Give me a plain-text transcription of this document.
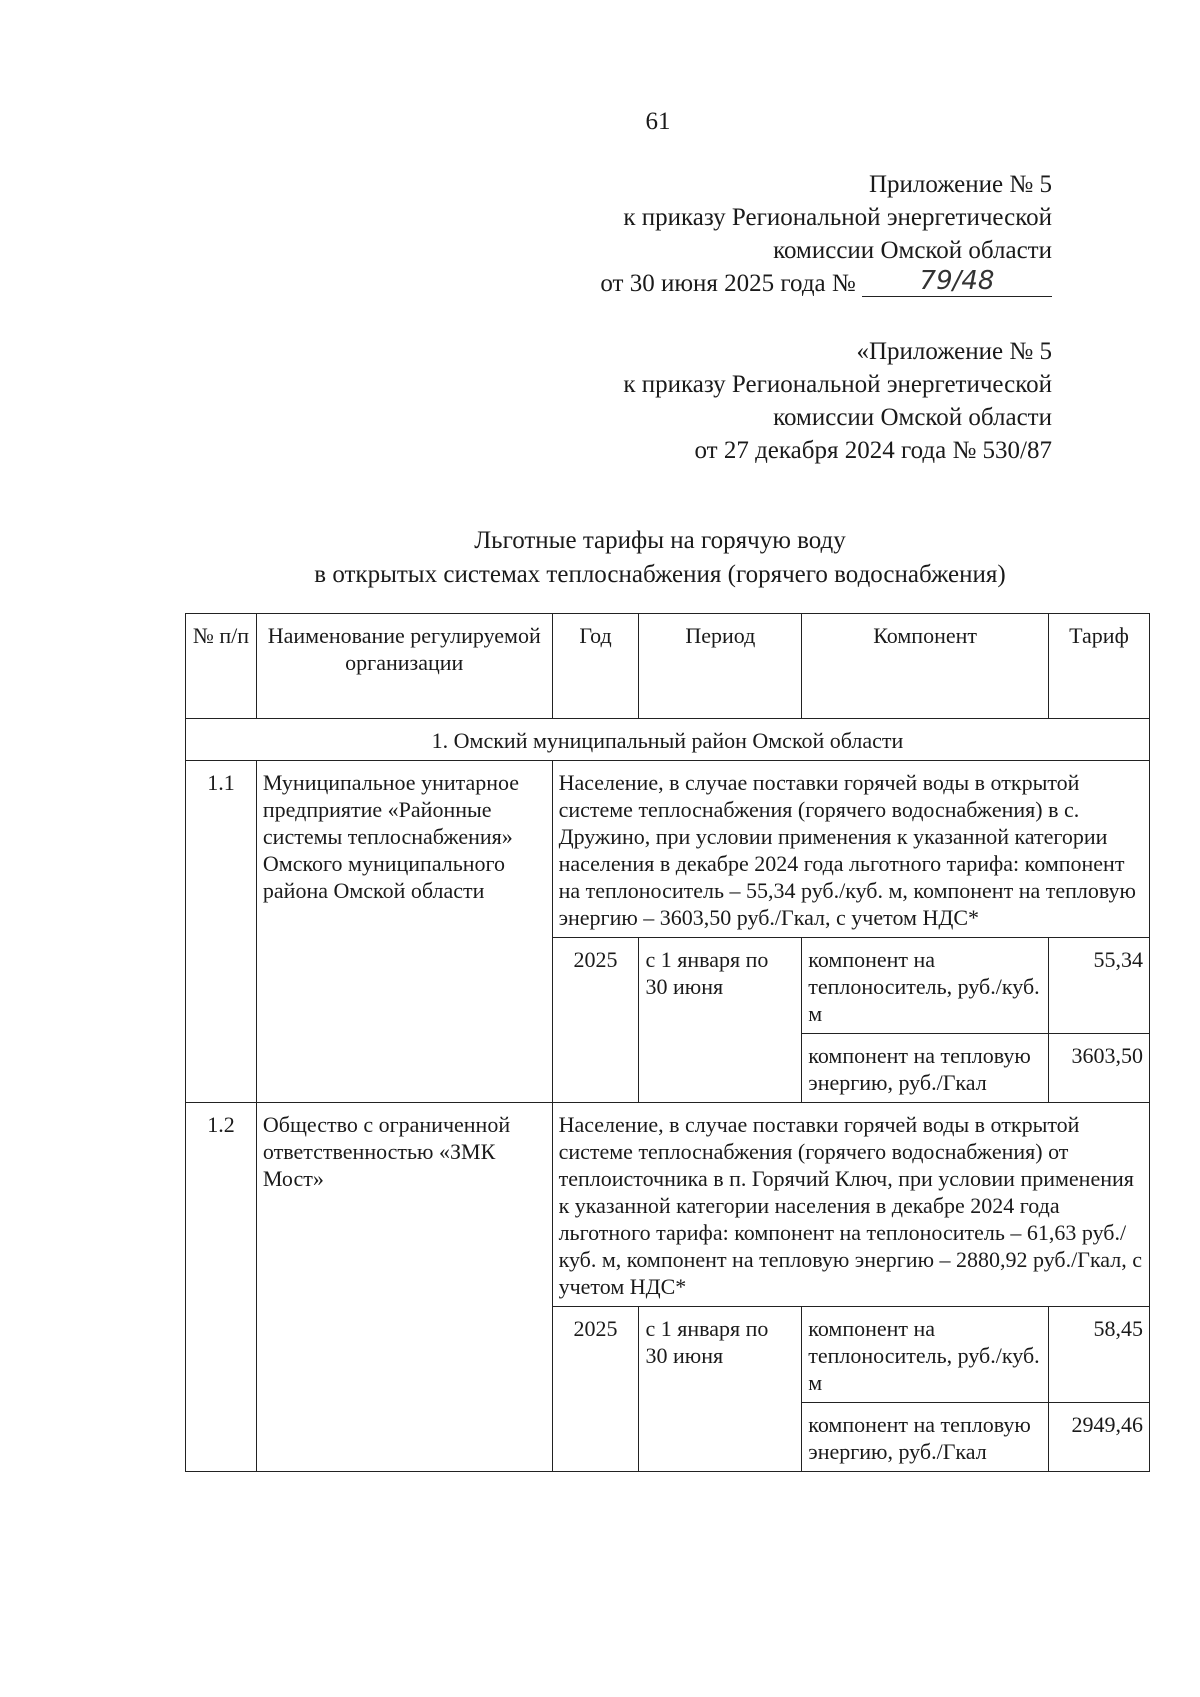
61
Приложение № 5
к приказу Региональной энергетической
комиссии Омской области
от 30 июня 2025 года № 79/48
«Приложение № 5
к приказу Региональной энергетической
комиссии Омской области
от 27 декабря 2024 года № 530/87
Льготные тарифы на горячую воду
в открытых системах теплоснабжения (горячего водоснабжения)
№ п/п	Наименование регулируемой организации	Год	Период	Компонент	Тариф
1. Омский муниципальный район Омской области					
1.1	Муниципальное унитарное предприятие «Районные системы теплоснабжения» Омского муниципального района Омской области	Население, в случае поставки горячей воды в открытой системе теплоснабжения (горячего водоснабжения) в с. Дружино, при условии применения к указанной категории населения в декабре 2024 года льготного тарифа: компонент на теплоноситель – 55,34 руб./куб. м, компонент на тепловую энергию – 3603,50 руб./Гкал, с учетом НДС*			
		2025	с 1 января по 30 июня	компонент на теплоноситель, руб./куб. м	55,34
				компонент на тепловую энергию, руб./Гкал	3603,50
1.2	Общество с ограниченной ответственностью «ЗМК Мост»	Население, в случае поставки горячей воды в открытой системе теплоснабжения (горячего водоснабжения) от теплоисточника в п. Горячий Ключ, при условии применения к указанной категории населения в декабре 2024 года льготного тарифа: компонент на теплоноситель – 61,63 руб./куб. м, компонент на тепловую энергию – 2880,92 руб./Гкал, с учетом НДС*			
		2025	с 1 января по 30 июня	компонент на теплоноситель, руб./куб. м	58,45
				компонент на тепловую энергию, руб./Гкал	2949,46
